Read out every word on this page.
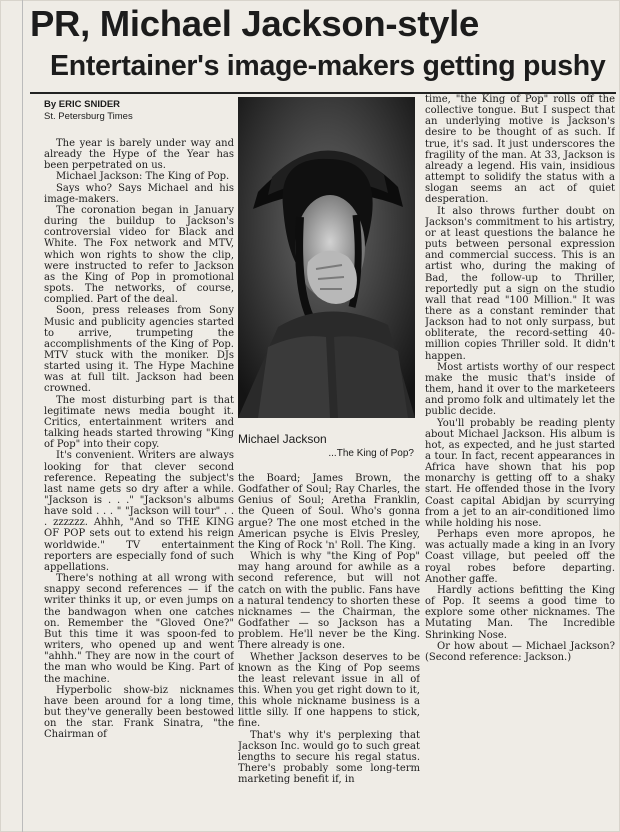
PR, Michael Jackson-style
Entertainer's image-makers getting pushy
By ERIC SNIDER
St. Petersburg Times

The year is barely under way and already the Hype of the Year has been perpetrated on us.

Michael Jackson: The King of Pop.

Says who? Says Michael and his image-makers.

The coronation began in January during the buildup to Jackson's controversial video for Black and White. The Fox network and MTV, which won rights to show the clip, were instructed to refer to Jackson as the King of Pop in promotional spots. The networks, of course, complied. Part of the deal.

Soon, press releases from Sony Music and publicity agencies started to arrive, trumpeting the accomplishments of the King of Pop. MTV stuck with the moniker. DJs started using it. The Hype Machine was at full tilt. Jackson had been crowned.

The most disturbing part is that legitimate news media bought it. Critics, entertainment writers and talking heads started throwing "King of Pop" into their copy.

It's convenient. Writers are always looking for that clever second reference. Repeating the subject's last name gets so dry after a while. "Jackson is . . ." "Jackson's albums have sold . . . " "Jackson will tour" . . . zzzzzz. Ahhh, "And so THE KING OF POP sets out to extend his reign worldwide." TV entertainment reporters are especially fond of such appellations.

There's nothing at all wrong with snappy second references — if the writer thinks it up, or even jumps on the bandwagon when one catches on. Remember the "Gloved One?" But this time it was spoon-fed to writers, who opened up and went "ahhh." They are now in the court of the man who would be King. Part of the machine.

Hyperbolic show-biz nicknames have been around for a long time, but they've generally been bestowed on the star. Frank Sinatra, "the Chairman of

Michael Jackson
...The King of Pop?

the Board; James Brown, the Godfather of Soul; Ray Charles, the Genius of Soul; Aretha Franklin, the Queen of Soul. Who's gonna argue? The one most etched in the American psyche is Elvis Presley, the King of Rock 'n' Roll. The King.

Which is why "the King of Pop" may hang around for awhile as a second reference, but will not catch on with the public. Fans have a natural tendency to shorten these nicknames — the Chairman, the Godfather — so Jackson has a problem. He'll never be the King. There already is one.

Whether Jackson deserves to be known as the King of Pop seems the least relevant issue in all of this. When you get right down to it, this whole nickname business is a little silly. If one happens to stick, fine.

That's why it's perplexing that Jackson Inc. would go to such great lengths to secure his regal status. There's probably some long-term marketing benefit if, in

time, "the King of Pop" rolls off the collective tongue. But I suspect that an underlying motive is Jackson's desire to be thought of as such. If true, it's sad. It just underscores the fragility of the man. At 33, Jackson is already a legend. His vain, insidious attempt to solidify the status with a slogan seems an act of quiet desperation.

It also throws further doubt on Jackson's commitment to his artistry, or at least questions the balance he puts between personal expression and commercial success. This is an artist who, during the making of Bad, the follow-up to Thriller, reportedly put a sign on the studio wall that read "100 Million." It was there as a constant reminder that Jackson had to not only surpass, but obliterate, the record-setting 40-million copies Thriller sold. It didn't happen.

Most artists worthy of our respect make the music that's inside of them, hand it over to the marketeers and promo folk and ultimately let the public decide.

You'll probably be reading plenty about Michael Jackson. His album is hot, as expected, and he just started a tour. In fact, recent appearances in Africa have shown that his pop monarchy is getting off to a shaky start. He offended those in the Ivory Coast capital Abidjan by scurrying from a jet to an air-conditioned limo while holding his nose.

Perhaps even more apropos, he was actually made a king in an Ivory Coast village, but peeled off the royal robes before departing. Another gaffe.

Hardly actions befitting the King of Pop. It seems a good time to explore some other nicknames. The Mutating Man. The Incredible Shrinking Nose.

Or how about — Michael Jackson? (Second reference: Jackson.)
